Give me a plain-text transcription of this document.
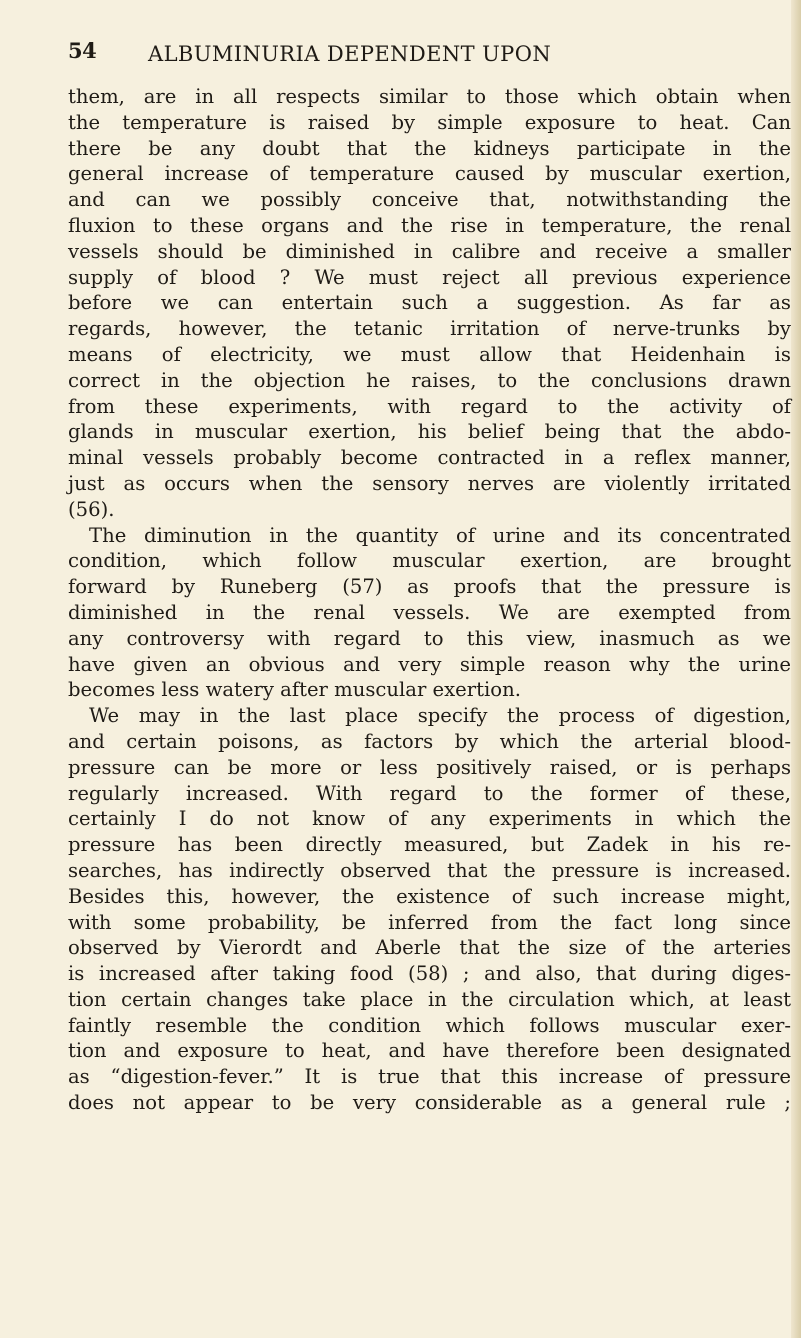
54 ALBUMINURIA DEPENDENT UPON
them, are in all respects similar to those which obtain when
the temperature is raised by simple exposure to heat. Can
there be any doubt that the kidneys participate in the
general increase of temperature caused by muscular exertion,
and can we possibly conceive that, notwithstanding the
fluxion to these organs and the rise in temperature, the renal
vessels should be diminished in calibre and receive a smaller
supply of blood ? We must reject all previous experience
before we can entertain such a suggestion. As far as
regards, however, the tetanic irritation of nerve-trunks by
means of electricity, we must allow that Heidenhain is
correct in the objection he raises, to the conclusions drawn
from these experiments, with regard to the activity of
glands in muscular exertion, his belief being that the abdo-
minal vessels probably become contracted in a reflex manner,
just as occurs when the sensory nerves are violently irritated
(56).
The diminution in the quantity of urine and its concentrated
condition, which follow muscular exertion, are brought
forward by Runeberg (57) as proofs that the pressure is
diminished in the renal vessels. We are exempted from
any controversy with regard to this view, inasmuch as we
have given an obvious and very simple reason why the urine
becomes less watery after muscular exertion.
We may in the last place specify the process of digestion,
and certain poisons, as factors by which the arterial blood-
pressure can be more or less positively raised, or is perhaps
regularly increased. With regard to the former of these,
certainly I do not know of any experiments in which the
pressure has been directly measured, but Zadek in his re-
searches, has indirectly observed that the pressure is increased.
Besides this, however, the existence of such increase might,
with some probability, be inferred from the fact long since
observed by Vierordt and Aberle that the size of the arteries
is increased after taking food (58) ; and also, that during diges-
tion certain changes take place in the circulation which, at least
faintly resemble the condition which follows muscular exer-
tion and exposure to heat, and have therefore been designated
as “digestion-fever.” It is true that this increase of pressure
does not appear to be very considerable as a general rule ;
